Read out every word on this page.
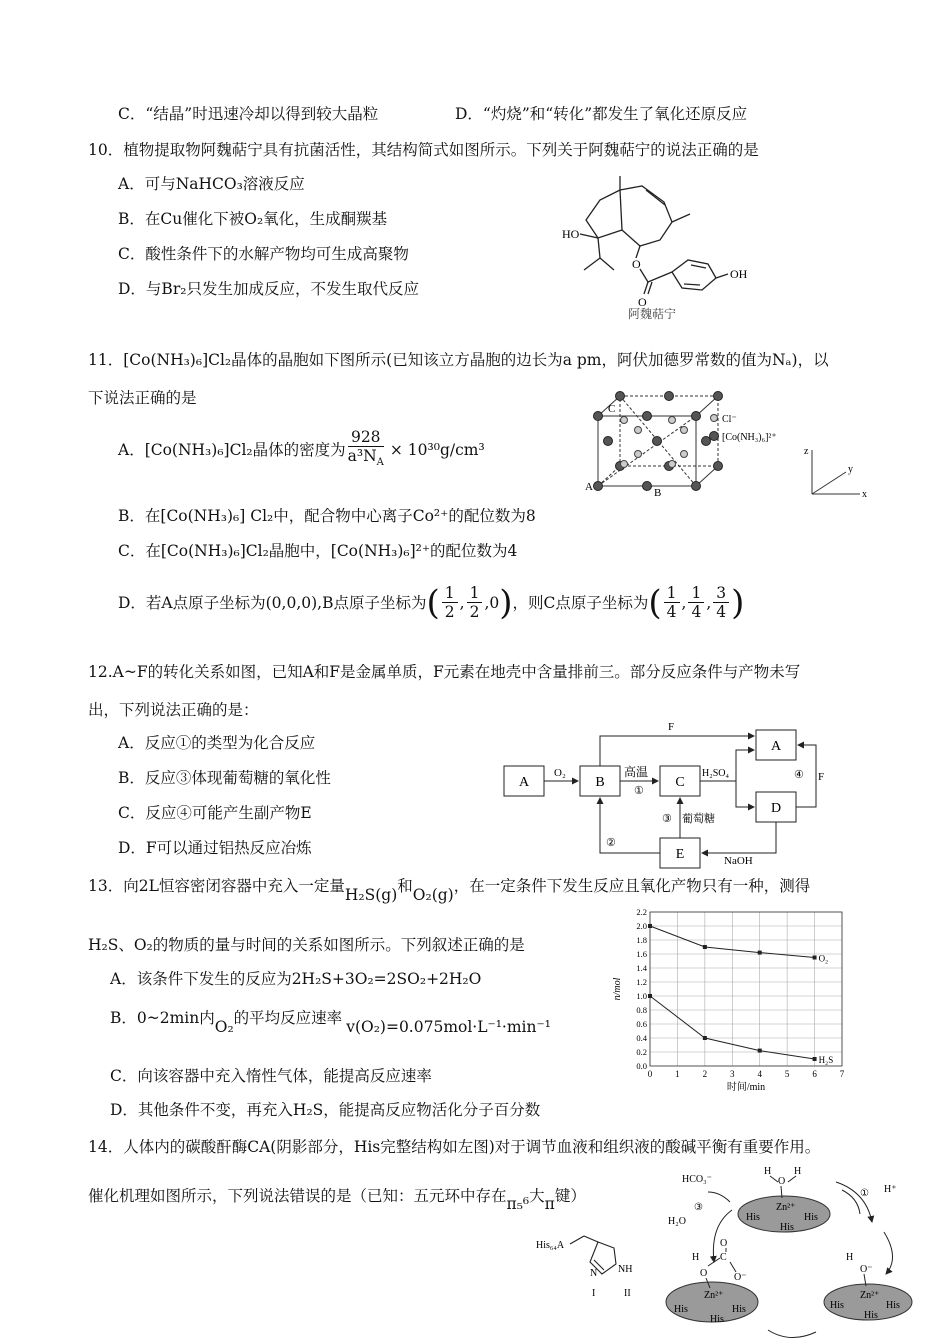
C．“结晶”时迅速冷却以得到较大晶粒	D．“灼烧”和“转化”都发生了氧化还原反应
10．植物提取物阿魏萜宁具有抗菌活性，其结构简式如图所示。下列关于阿魏萜宁的说法正确的是
A．可与NaHCO₃溶液反应
B．在Cu催化下被O₂氧化，生成酮羰基
C．酸性条件下的水解产物均可生成高聚物
D．与Br₂只发生加成反应，不发生取代反应
HO
O
OH
O
阿魏萜宁
11．[Co(NH₃)₆]Cl₂晶体的晶胞如下图所示(已知该立方晶胞的边长为a pm，阿伏加德罗常数的值为Nₐ)，以
下说法正确的是
A．[Co(NH₃)₆]Cl₂晶体的密度为 $\frac{928}{a^3N_A} \times 10^{30}g/cm^3$
B．在[Co(NH₃)₆] Cl₂中，配合物中心离子Co²⁺的配位数为8
C．在[Co(NH₃)₆]Cl₂晶胞中，[Co(NH₃)₆]²⁺的配位数为4
D．若A点原子坐标为 (0,0,0),B 点原子坐标为 ( $\frac{1}{2}$ , $\frac{1}{2}$ , 0 ) ，则C点原子坐标为 ( $\frac{1}{4}$ , $\frac{1}{4}$ , $\frac{3}{4}$ )
A	B
C
Cl⁻
[Co(NH₃)₆]²⁺
z
x
y
12.A~F的转化关系如图，已知A和F是金属单质，F元素在地壳中含量排前三。部分反应条件与产物未写
出，下列说法正确的是：
A．反应①的类型为化合反应
B．反应③体现葡萄糖的氧化性
C．反应④可能产生副产物E
D．F可以通过铝热反应冶炼
A	B	C
A
D
E
F
O₂	高温
①
H₂SO₄	④ F
③ 葡萄糖
②
NaOH
13．向2L恒容密闭容器中充入一定量 H₂S(g) 和 O₂(g) ，在一定条件下发生反应且氧化产物只有一种，测得
H₂S、O₂的物质的量与时间的关系如图所示。下列叙述正确的是
A．该条件下发生的反应为2H₂S+3O₂=2SO₂+2H₂O
B．0~2min内 O₂ 的平均反应速率 v(O₂)=0.075mol·L⁻¹·min⁻¹
C．向该容器中充入惰性气体，能提高反应速率
D．其他条件不变，再充入H₂S，能提高反应物活化分子百分数
O₂
H₂S
0	1	2	3	4	5	6	7
0.0
0.2
0.4
0.6
0.8
1.0
1.2
1.4
1.6
1.8
2.0
2.2
时间/min
n/mol
14．人体内的碳酸酐酶CA(阴影部分，His完整结构如左图)对于调节血液和组织液的酸碱平衡有重要作用。
催化机理如图所示，下列说法错误的是（已知：五元环中存在 π₅⁶ 大 π 键）
His₆₄A
N NH
I	II
Zn²⁺
His	His
His
H H
O
HCO₃⁻
H₂O
③
① H⁺
Zn²⁺
His	His
His
O
C
O
O⁻
H
Zn²⁺
His	His
His
H
O⁻
